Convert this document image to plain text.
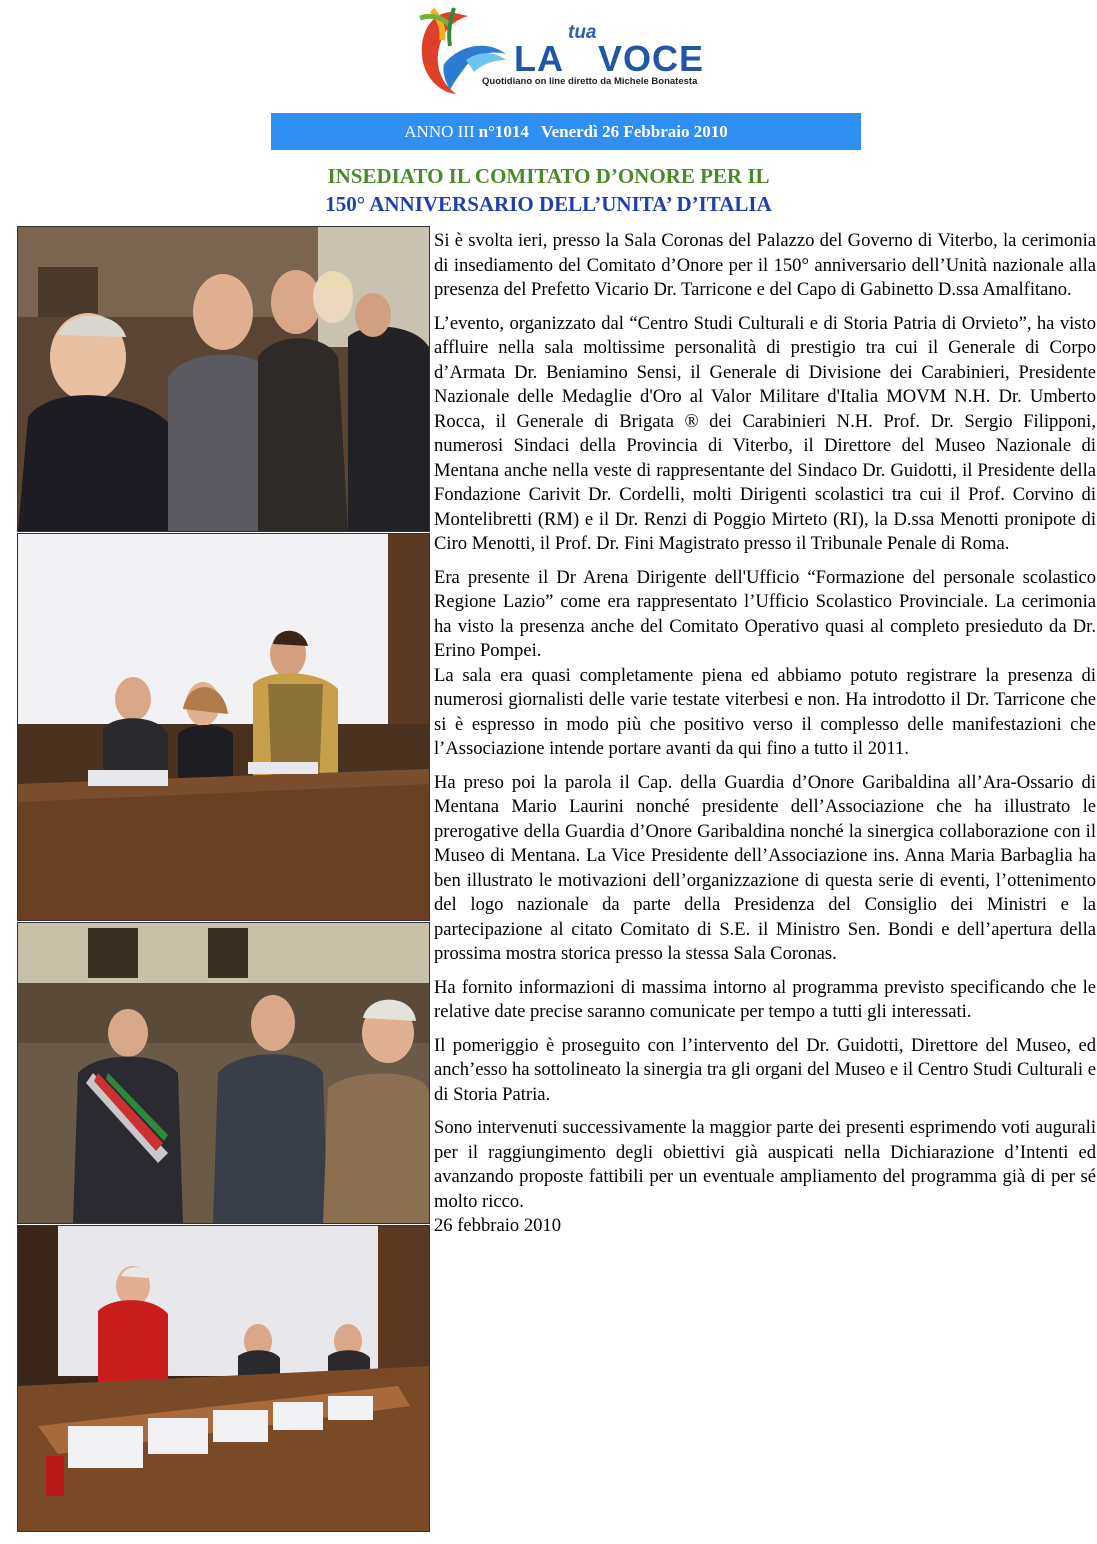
LA
tua
VOCE
Quotidiano on line diretto da Michele Bonatesta
ANNO III
n°1014
Venerdì 26 Febbraio 2010
INSEDIATO IL COMITATO D’ONORE PER IL
150° ANNIVERSARIO DELL’UNITA’ D’ITALIA

Si è svolta ieri, presso la Sala Coronas del Palazzo del Governo di Viterbo, la cerimonia di insediamento del Comitato d’Onore per il 150° anniversario dell’Unità nazionale alla presenza del Prefetto Vicario Dr. Tarricone e del Capo di Gabinetto D.ssa Amalfitano.

L’evento, organizzato dal “Centro Studi Culturali e di Storia Patria di Orvieto”, ha visto affluire nella sala moltissime personalità di prestigio tra cui il Generale di Corpo d’Armata Dr. Beniamino Sensi, il Generale di Divisione dei Carabinieri, Presidente Nazionale delle Medaglie d'Oro al Valor Militare d'Italia MOVM N.H. Dr. Umberto Rocca, il Generale di Brigata ® dei Carabinieri N.H. Prof. Dr. Sergio Filipponi, numerosi Sindaci della Provincia di Viterbo, il Direttore del Museo Nazionale di Mentana anche nella veste di rappresentante del Sindaco Dr. Guidotti, il Presidente della Fondazione Carivit Dr. Cordelli, molti Dirigenti scolastici tra cui il Prof. Corvino di Montelibretti (RM) e il Dr. Renzi di Poggio Mirteto (RI), la D.ssa Menotti pronipote di Ciro Menotti, il Prof. Dr. Fini Magistrato presso il Tribunale Penale di Roma.

Era presente il Dr Arena Dirigente dell'Ufficio “Formazione del personale scolastico Regione Lazio” come era rappresentato l’Ufficio Scolastico Provinciale. La cerimonia ha visto la presenza anche del Comitato Operativo quasi al completo presieduto da Dr. Erino Pompei.

La sala era quasi completamente piena ed abbiamo potuto registrare la presenza di numerosi giornalisti delle varie testate viterbesi e non. Ha introdotto il Dr. Tarricone che si è espresso in modo più che positivo verso il complesso delle manifestazioni che l’Associazione intende portare avanti da qui fino a tutto il 2011.

Ha preso poi la parola il Cap. della Guardia d’Onore Garibaldina all’Ara-Ossario di Mentana Mario Laurini nonché presidente dell’Associazione che ha illustrato le prerogative della Guardia d’Onore Garibaldina nonché la sinergica collaborazione con il Museo di Mentana. La Vice Presidente dell’Associazione ins. Anna Maria Barbaglia ha ben illustrato le motivazioni dell’organizzazione di questa serie di eventi, l’ottenimento del logo nazionale da parte della Presidenza del Consiglio dei Ministri e la partecipazione al citato Comitato di S.E. il Ministro Sen. Bondi e dell’apertura della prossima mostra storica presso la stessa Sala Coronas.

Ha fornito informazioni di massima intorno al programma previsto specificando che le relative date precise saranno comunicate per tempo a tutti gli interessati.

Il pomeriggio è proseguito con l’intervento del Dr. Guidotti, Direttore del Museo, ed anch’esso ha sottolineato la sinergia tra gli organi del Museo e il Centro Studi Culturali e di Storia Patria.

Sono intervenuti successivamente la maggior parte dei presenti esprimendo voti augurali per il raggiungimento degli obiettivi già auspicati nella Dichiarazione d’Intenti ed avanzando proposte fattibili per un eventuale ampliamento del programma già di per sé molto ricco.

26 febbraio 2010
